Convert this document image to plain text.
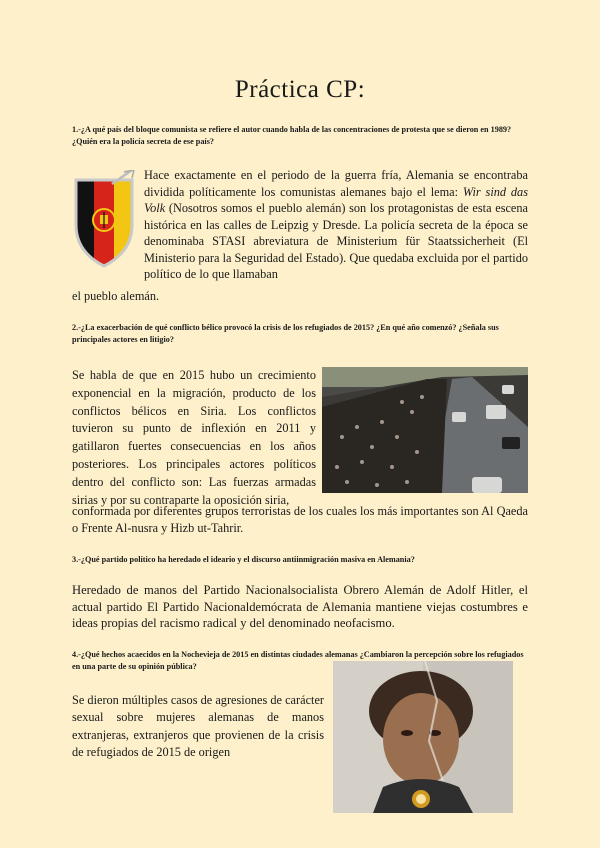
Práctica CP:

1.-¿A qué país del bloque comunista se refiere el autor cuando habla de las concentraciones de protesta que se dieron en 1989? ¿Quién era la policía secreta de ese país?

Hace exactamente en el periodo de la guerra fría, Alemania se encontraba dividida políticamente los comunistas alemanes bajo el lema: Wir sind das Volk (Nosotros somos el pueblo alemán) son los protagonistas de esta escena histórica en las calles de Leipzig y Dresde. La policía secreta de la época se denominaba STASI abreviatura de Ministerium für Staatssicherheit (El Ministerio para la Seguridad del Estado). Que quedaba excluida por el partido político de lo que llamaban

el pueblo alemán.

2.-¿La exacerbación de qué conflicto bélico provocó la crisis de los refugiados de 2015? ¿En qué año comenzó? ¿Señala sus principales actores en litigio?

Se habla de que en 2015 hubo un crecimiento exponencial en la migración, producto de los conflictos bélicos en Siria. Los conflictos tuvieron su punto de inflexión en 2011 y gatillaron fuertes consecuencias en los años posteriores. Los principales actores políticos dentro del conflicto son: Las fuerzas armadas sirias y por su contraparte la oposición siria,

conformada por diferentes grupos terroristas de los cuales los más importantes son Al Qaeda o Frente Al-nusra y Hizb ut-Tahrir.

3.-¿Qué partido político ha heredado el ideario y el discurso antiinmigración masiva en Alemania?

Heredado de manos del Partido Nacionalsocialista Obrero Alemán de Adolf Hitler, el actual partido El Partido Nacionaldemócrata de Alemania mantiene viejas costumbres e ideas propias del racismo radical y del denominado neofacismo.

4.-¿Qué hechos acaecidos en la Nochevieja de 2015 en distintas ciudades alemanas ¿Cambiaron la percepción sobre los refugiados en una parte de su opinión pública?

Se dieron múltiples casos de agresiones de carácter sexual sobre mujeres alemanas de manos extranjeras, extranjeros que provienen de la crisis de refugiados de 2015 de origen
